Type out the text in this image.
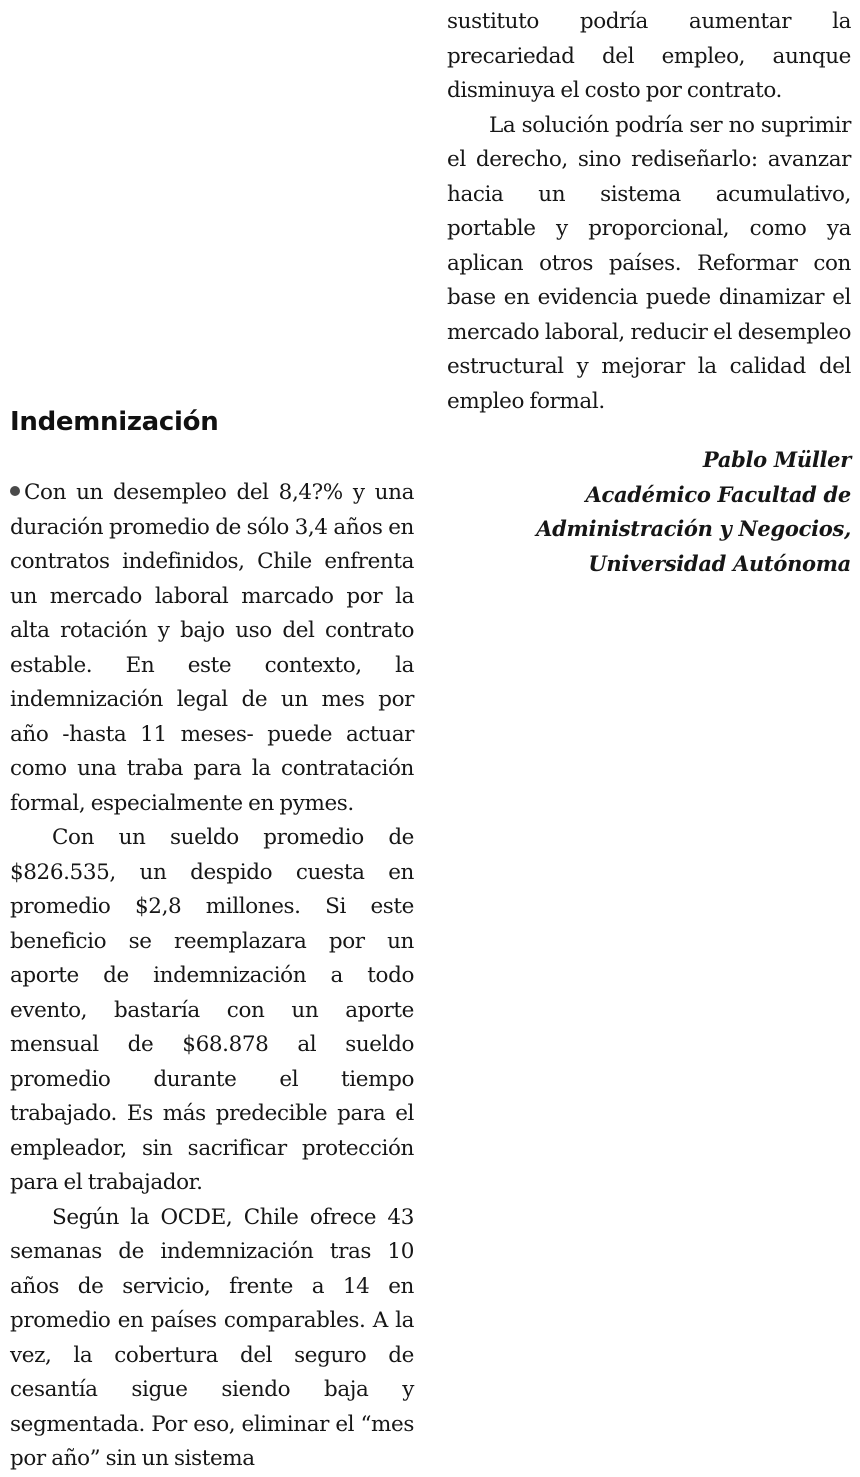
Indemnización

Con un desempleo del 8,4?% y una duración promedio de sólo 3,4 años en contratos indefinidos, Chile enfrenta un mercado laboral marcado por la alta rotación y bajo uso del contrato estable. En este contexto, la indemnización legal de un mes por año -hasta 11 meses- puede actuar como una traba para la contratación formal, especialmente en pymes.

Con un sueldo promedio de $826.535, un despido cuesta en promedio $2,8 millones. Si este beneficio se reemplazara por un aporte de indemnización a todo evento, bastaría con un aporte mensual de $68.878 al sueldo promedio durante el tiempo trabajado. Es más predecible para el empleador, sin sacrificar protección para el trabajador.

Según la OCDE, Chile ofrece 43 semanas de indemnización tras 10 años de servicio, frente a 14 en promedio en países comparables. A la vez, la cobertura del seguro de cesantía sigue siendo baja y segmentada. Por eso, eliminar el “mes por año” sin un sistema

sustituto podría aumentar la precariedad del empleo, aunque disminuya el costo por contrato.

La solución podría ser no suprimir el derecho, sino rediseñarlo: avanzar hacia un sistema acumulativo, portable y proporcional, como ya aplican otros países. Reformar con base en evidencia puede dinamizar el mercado laboral, reducir el desempleo estructural y mejorar la calidad del empleo formal.

Pablo Müller
Académico Facultad de
Administración y Negocios,
Universidad Autónoma
